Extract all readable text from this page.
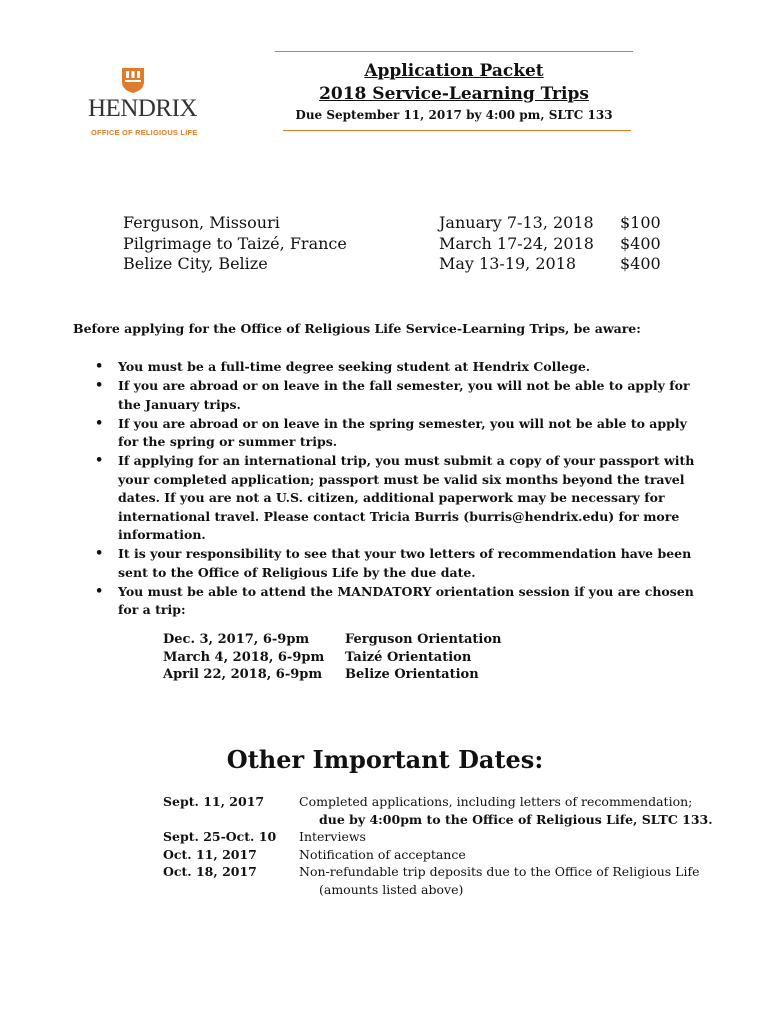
HENDRIX
OFFICE OF RELIGIOUS LIFE
Application Packet
2018 Service-Learning Trips
Due September 11, 2017 by 4:00 pm, SLTC 133
Ferguson, Missouri	January 7-13, 2018 $100
Pilgrimage to Taizé, France	March 17-24, 2018 $400
Belize City, Belize	May 13-19, 2018	$400
Before applying for the Office of Religious Life Service-Learning Trips, be aware:
• You must be a full-time degree seeking student at Hendrix College.
• If you are abroad or on leave in the fall semester, you will not be able to apply for the January trips.
• If you are abroad or on leave in the spring semester, you will not be able to apply for the spring or summer trips.
• If applying for an international trip, you must submit a copy of your passport with your completed application; passport must be valid six months beyond the travel dates. If you are not a U.S. citizen, additional paperwork may be necessary for international travel. Please contact Tricia Burris (burris@hendrix.edu) for more information.
• It is your responsibility to see that your two letters of recommendation have been sent to the Office of Religious Life by the due date.
• You must be able to attend the MANDATORY orientation session if you are chosen for a trip:
Dec. 3, 2017, 6-9pm	Ferguson Orientation
March 4, 2018, 6-9pm Taizé Orientation
April 22, 2018, 6-9pm Belize Orientation
Other Important Dates:
Sept. 11, 2017	Completed applications, including letters of recommendation;
due by 4:00pm to the Office of Religious Life, SLTC 133.
Sept. 25-Oct. 10 Interviews
Oct. 11, 2017	Notification of acceptance
Oct. 18, 2017	Non-refundable trip deposits due to the Office of Religious Life
(amounts listed above)
